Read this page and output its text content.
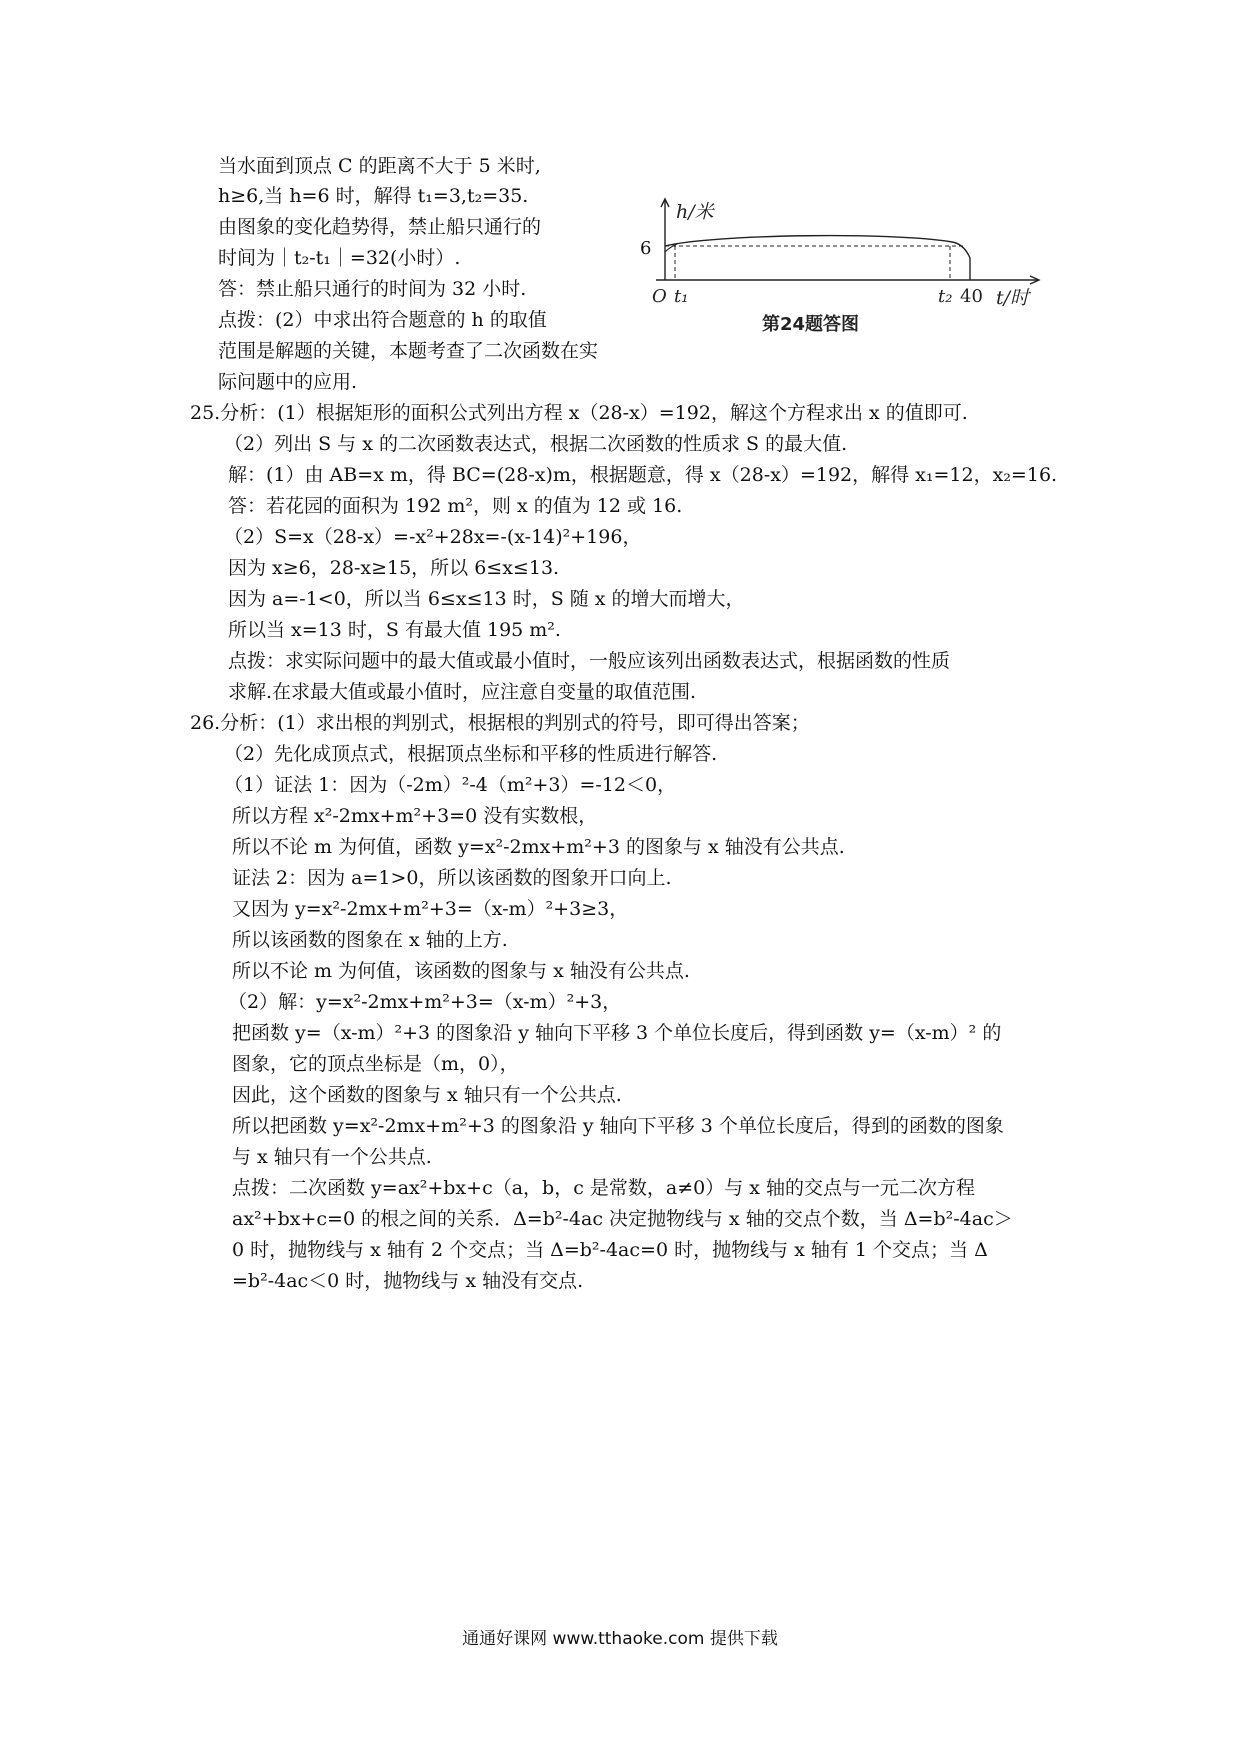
当水面到顶点 C 的距离不大于 5 米时,
h≥6,当 h=6 时，解得 t₁=3,t₂=35.
由图象的变化趋势得，禁止船只通行的
时间为｜t₂-t₁｜=32(小时）.
答：禁止船只通行的时间为 32 小时.
点拨：(2）中求出符合题意的 h 的取值
范围是解题的关键，本题考查了二次函数在实
际问题中的应用.
25.分析：(1）根据矩形的面积公式列出方程 x（28-x）=192，解这个方程求出 x 的值即可.
（2）列出 S 与 x 的二次函数表达式，根据二次函数的性质求 S 的最大值.
解：(1）由 AB=x m，得 BC=(28-x)m，根据题意，得 x（28-x）=192，解得 x₁=12，x₂=16.
答：若花园的面积为 192 m²，则 x 的值为 12 或 16.
（2）S=x（28-x）=-x²+28x=-(x-14)²+196，
因为 x≥6，28-x≥15，所以 6≤x≤13.
因为 a=-1<0，所以当 6≤x≤13 时，S 随 x 的增大而增大，
所以当 x=13 时，S 有最大值 195 m².
点拨：求实际问题中的最大值或最小值时，一般应该列出函数表达式，根据函数的性质
求解.在求最大值或最小值时，应注意自变量的取值范围.
26.分析：(1）求出根的判别式，根据根的判别式的符号，即可得出答案；
（2）先化成顶点式，根据顶点坐标和平移的性质进行解答.
（1）证法 1：因为（-2m）²-4（m²+3）=-12＜0，
所以方程 x²-2mx+m²+3=0 没有实数根，
所以不论 m 为何值，函数 y=x²-2mx+m²+3 的图象与 x 轴没有公共点.
证法 2：因为 a=1>0，所以该函数的图象开口向上.
又因为 y=x²-2mx+m²+3=（x-m）²+3≥3，
所以该函数的图象在 x 轴的上方.
所以不论 m 为何值，该函数的图象与 x 轴没有公共点.
（2）解：y=x²-2mx+m²+3=（x-m）²+3，
把函数 y=（x-m）²+3 的图象沿 y 轴向下平移 3 个单位长度后，得到函数 y=（x-m）² 的
图象，它的顶点坐标是（m，0），
因此，这个函数的图象与 x 轴只有一个公共点.
所以把函数 y=x²-2mx+m²+3 的图象沿 y 轴向下平移 3 个单位长度后，得到的函数的图象
与 x 轴只有一个公共点.
点拨：二次函数 y=ax²+bx+c（a，b，c 是常数，a≠0）与 x 轴的交点与一元二次方程
ax²+bx+c=0 的根之间的关系．Δ=b²-4ac 决定抛物线与 x 轴的交点个数，当 Δ=b²-4ac＞
0 时，抛物线与 x 轴有 2 个交点；当 Δ=b²-4ac=0 时，抛物线与 x 轴有 1 个交点；当 Δ
=b²-4ac＜0 时，抛物线与 x 轴没有交点.
h/米
t/时
O t₁	t₂ 40
第24题答图
6
通通好课网 www.tthaoke.com 提供下载
